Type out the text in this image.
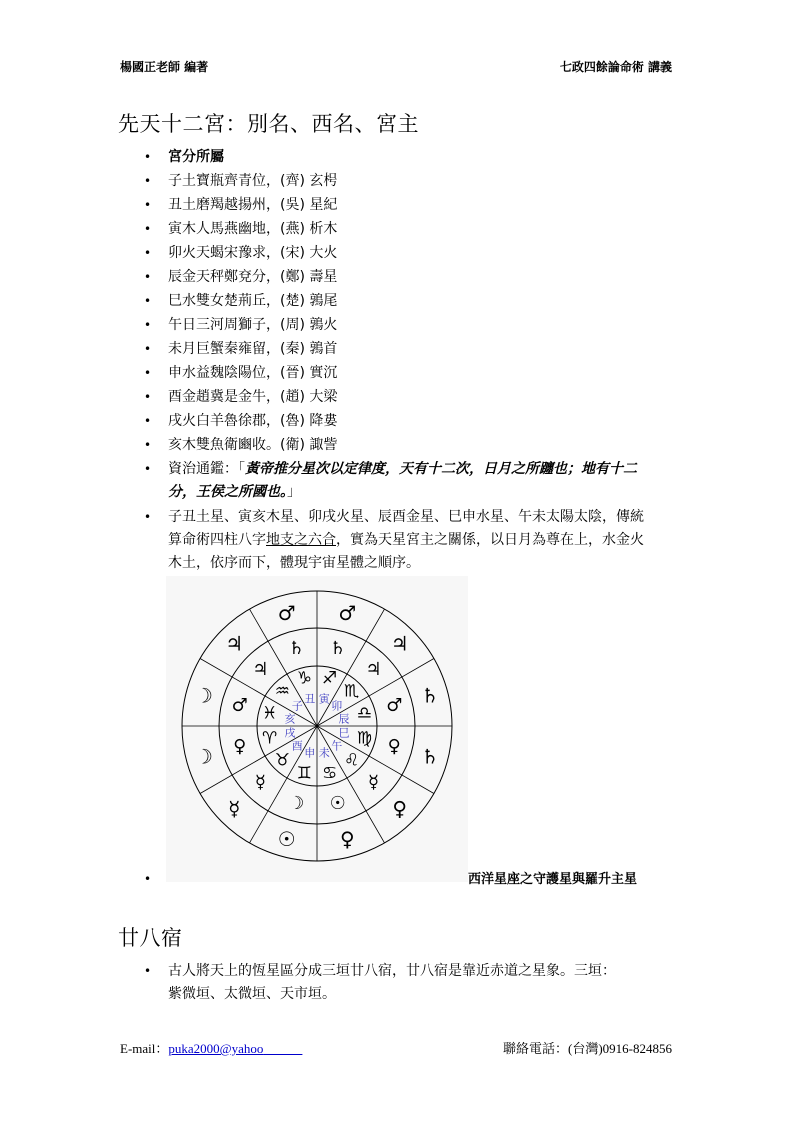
楊國正老師 編著	七政四餘論命術 講義
先天十二宮：別名、西名、宮主
• 宮分所屬
• 子土寶瓶齊青位，(齊) 玄枵
• 丑土磨羯越揚州，(吳) 星紀
• 寅木人馬燕幽地，(燕) 析木
• 卯火天蝎宋豫求，(宋) 大火
• 辰金天秤鄭兗分，(鄭) 壽星
• 巳水雙女楚荊丘，(楚) 鶉尾
• 午日三河周獅子，(周) 鶉火
• 未月巨蟹秦雍留，(秦) 鶉首
• 申水益魏陰陽位，(晉) 實沉
• 酉金趙冀是金牛，(趙) 大梁
• 戌火白羊魯徐郡，(魯) 降婁
• 亥木雙魚衛豳收。(衛) 諏訾
• 資治通鑑：「黃帝推分星次以定律度，天有十二次，日月之所躔也；地有十二
分，王侯之所國也。」
• 子丑土星、寅亥木星、卯戌火星、辰酉金星、巳申水星、午未太陽太陰，傳統
算命術四柱八字地支之六合，實為天星宮主之關係，以日月為尊在上，水金火
木土，依序而下，體現宇宙星體之順序。
•
♂
♃
♄
♄
♀
♀
☉
☿
☽
☽
♃
♂
♄
♃
♂
♀
☿
☉
☽
☿
♀
♂
♃
♄
♐
♏
♎
♍
♌
♋
♊
♉
♈
♓
♒
♑
寅
卯
辰
巳
午
未
申
酉
戌
亥
子
丑
西洋星座之守護星與羅升主星
廿八宿
• 古人將天上的恆星區分成三垣廿八宿，廿八宿是靠近赤道之星象。三垣：
紫微垣、太微垣、天市垣。
E-mail：puka2000@yahoo	聯絡電話：(台灣)0916-824856
